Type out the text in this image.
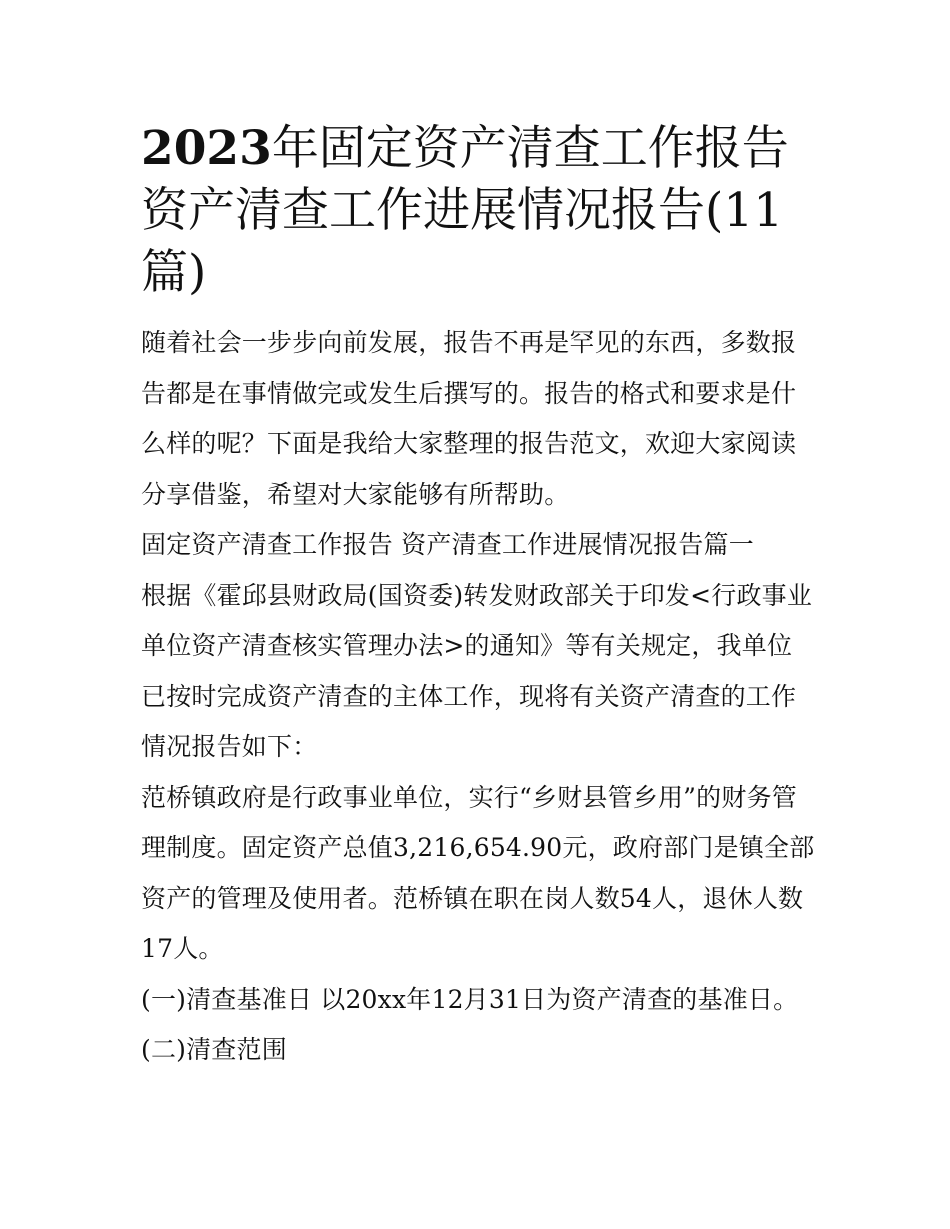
2023年固定资产清查工作报告
资产清查工作进展情况报告(11
篇)

随着社会一步步向前发展，报告不再是罕见的东西，多数报告都是在事情做完或发生后撰写的。报告的格式和要求是什么样的呢？下面是我给大家整理的报告范文，欢迎大家阅读分享借鉴，希望对大家能够有所帮助。

固定资产清查工作报告 资产清查工作进展情况报告篇一

根据《霍邱县财政局(国资委)转发财政部关于印发<行政事业单位资产清查核实管理办法>的通知》等有关规定，我单位已按时完成资产清查的主体工作，现将有关资产清查的工作情况报告如下：

范桥镇政府是行政事业单位，实行“乡财县管乡用”的财务管理制度。固定资产总值3,216,654.90元，政府部门是镇全部资产的管理及使用者。范桥镇在职在岗人数54人，退休人数17人。

(一)清查基准日 以20xx年12月31日为资产清查的基准日。

(二)清查范围
